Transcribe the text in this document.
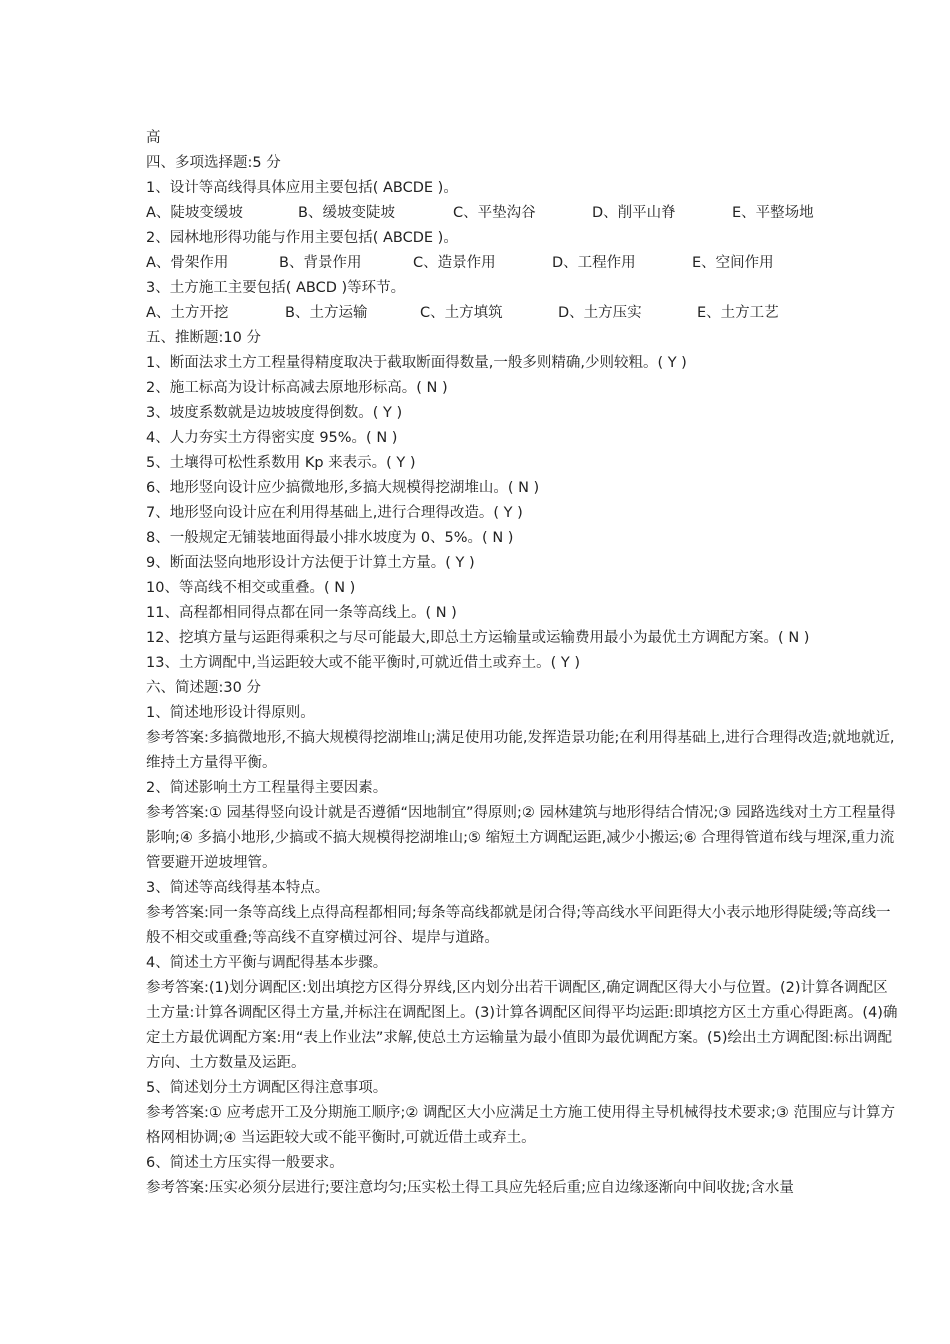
高
四、多项选择题:5 分
1、设计等高线得具体应用主要包括( ABCDE )。
A、陡坡变缓坡	B、缓坡变陡坡	C、平垫沟谷	D、削平山脊	E、平整场地
2、园林地形得功能与作用主要包括( ABCDE )。
A、骨架作用	B、背景作用	C、造景作用	D、工程作用	E、空间作用
3、土方施工主要包括( ABCD )等环节。
A、土方开挖	B、土方运输	C、土方填筑	D、土方压实	E、土方工艺
五、推断题:10 分
1、断面法求土方工程量得精度取决于截取断面得数量,一般多则精确,少则较粗。( Y )
2、施工标高为设计标高减去原地形标高。( N )
3、坡度系数就是边坡坡度得倒数。( Y )
4、人力夯实土方得密实度 95%。( N )
5、土壤得可松性系数用 Kp 来表示。( Y )
6、地形竖向设计应少搞微地形,多搞大规模得挖湖堆山。( N )
7、地形竖向设计应在利用得基础上,进行合理得改造。( Y )
8、一般规定无铺装地面得最小排水坡度为 0、5%。( N )
9、断面法竖向地形设计方法便于计算土方量。( Y )
10、等高线不相交或重叠。( N )
11、高程都相同得点都在同一条等高线上。( N )
12、挖填方量与运距得乘积之与尽可能最大,即总土方运输量或运输费用最小为最优土方调配方案。( N )
13、土方调配中,当运距较大或不能平衡时,可就近借土或弃土。( Y )
六、简述题:30 分
1、简述地形设计得原则。
参考答案:多搞微地形,不搞大规模得挖湖堆山;满足使用功能,发挥造景功能;在利用得基础上,进行合理得改造;就地就近,维持土方量得平衡。
2、简述影响土方工程量得主要因素。
参考答案:① 园基得竖向设计就是否遵循“因地制宜”得原则;② 园林建筑与地形得结合情况;③ 园路选线对土方工程量得影响;④ 多搞小地形,少搞或不搞大规模得挖湖堆山;⑤ 缩短土方调配运距,减少小搬运;⑥ 合理得管道布线与埋深,重力流管要避开逆坡埋管。
3、简述等高线得基本特点。
参考答案:同一条等高线上点得高程都相同;每条等高线都就是闭合得;等高线水平间距得大小表示地形得陡缓;等高线一般不相交或重叠;等高线不直穿横过河谷、堤岸与道路。
4、简述土方平衡与调配得基本步骤。
参考答案:(1)划分调配区:划出填挖方区得分界线,区内划分出若干调配区,确定调配区得大小与位置。(2)计算各调配区土方量:计算各调配区得土方量,并标注在调配图上。(3)计算各调配区间得平均运距:即填挖方区土方重心得距离。(4)确定土方最优调配方案:用“表上作业法”求解,使总土方运输量为最小值即为最优调配方案。(5)绘出土方调配图:标出调配方向、土方数量及运距。
5、简述划分土方调配区得注意事项。
参考答案:① 应考虑开工及分期施工顺序;② 调配区大小应满足土方施工使用得主导机械得技术要求;③ 范围应与计算方格网相协调;④ 当运距较大或不能平衡时,可就近借土或弃土。
6、简述土方压实得一般要求。
参考答案:压实必须分层进行;要注意均匀;压实松土得工具应先轻后重;应自边缘逐渐向中间收拢;含水量
